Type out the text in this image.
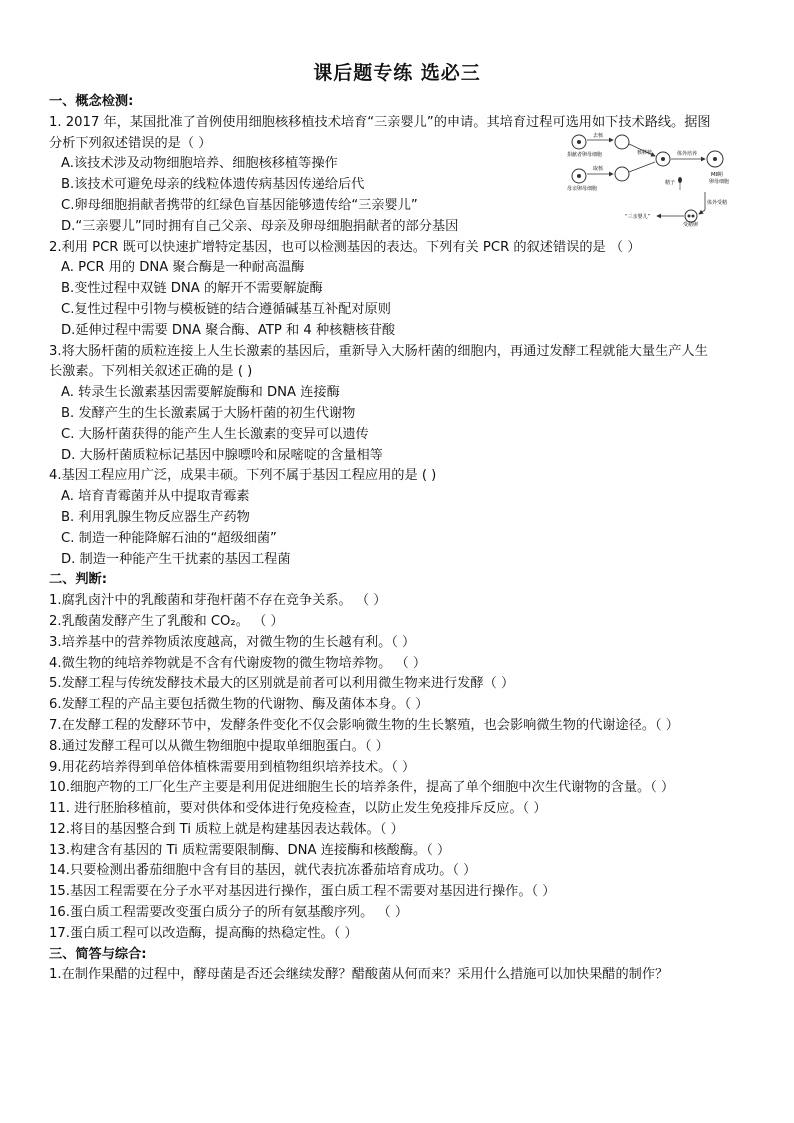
课后题专练 选必三
一、概念检测:
1. 2017 年，某国批准了首例使用细胞核移植技术培育“三亲婴儿”的申请。其培育过程可选用如下技术路线。据图
分析下列叙述错误的是（ ）
A.该技术涉及动物细胞培养、细胞核移植等操作
B.该技术可避免母亲的线粒体遗传病基因传递给后代
C.卵母细胞捐献者携带的红绿色盲基因能够遗传给“三亲婴儿”
D.“三亲婴儿”同时拥有自己父亲、母亲及卵母细胞捐献者的部分基因
2.利用 PCR 既可以快速扩增特定基因，也可以检测基因的表达。下列有关 PCR 的叙述错误的是 （ ）
A. PCR 用的 DNA 聚合酶是一种耐高温酶
B.变性过程中双链 DNA 的解开不需要解旋酶
C.复性过程中引物与模板链的结合遵循碱基互补配对原则
D.延伸过程中需要 DNA 聚合酶、ATP 和 4 种核糖核苷酸
3.将大肠杆菌的质粒连接上人生长激素的基因后，重新导入大肠杆菌的细胞内，再通过发酵工程就能大量生产人生
长激素。下列相关叙述正确的是 ( )
A. 转录生长激素基因需要解旋酶和 DNA 连接酶
B. 发酵产生的生长激素属于大肠杆菌的初生代谢物
C. 大肠杆菌获得的能产生人生长激素的变异可以遗传
D. 大肠杆菌质粒标记基因中腺嘌呤和尿嘧啶的含量相等
4.基因工程应用广泛，成果丰硕。下列不属于基因工程应用的是 ( )
A. 培育青霉菌并从中提取青霉素
B. 利用乳腺生物反应器生产药物
C. 制造一种能降解石油的“超级细菌”
D. 制造一种能产生干扰素的基因工程菌
二、判断:
1.腐乳卤汁中的乳酸菌和芽孢杆菌不存在竞争关系。 （ ）
2.乳酸菌发酵产生了乳酸和 CO₂。 （ ）
3.培养基中的营养物质浓度越高，对微生物的生长越有利。（ ）
4.微生物的纯培养物就是不含有代谢废物的微生物培养物。 （ ）
5.发酵工程与传统发酵技术最大的区别就是前者可以利用微生物来进行发酵（ ）
6.发酵工程的产品主要包括微生物的代谢物、酶及菌体本身。（ ）
7.在发酵工程的发酵环节中，发酵条件变化不仅会影响微生物的生长繁殖，也会影响微生物的代谢途径。（ ）
8.通过发酵工程可以从微生物细胞中提取单细胞蛋白。（ ）
9.用花药培养得到单倍体植株需要用到植物组织培养技术。（ ）
10.细胞产物的工厂化生产主要是利用促进细胞生长的培养条件，提高了单个细胞中次生代谢物的含量。（ ）
11. 进行胚胎移植前，要对供体和受体进行免疫检查，以防止发生免疫排斥反应。（ ）
12.将目的基因整合到 Ti 质粒上就是构建基因表达载体。（ ）
13.构建含有基因的 Ti 质粒需要限制酶、DNA 连接酶和核酸酶。（ ）
14.只要检测出番茄细胞中含有目的基因，就代表抗冻番茄培育成功。（ ）
15.基因工程需要在分子水平对基因进行操作，蛋白质工程不需要对基因进行操作。（ ）
16.蛋白质工程需要改变蛋白质分子的所有氨基酸序列。 （ ）
17.蛋白质工程可以改造酶，提高酶的热稳定性。（ ）
三、简答与综合:
1.在制作果醋的过程中，酵母菌是否还会继续发酵？醋酸菌从何而来？采用什么措施可以加快果醋的制作？
去核
捐献者卵母细胞
取核
母亲卵母细胞
核移植	体外培养
MⅡ期
卵母细胞
精子
体外受精
受精卵
“三亲婴儿”
